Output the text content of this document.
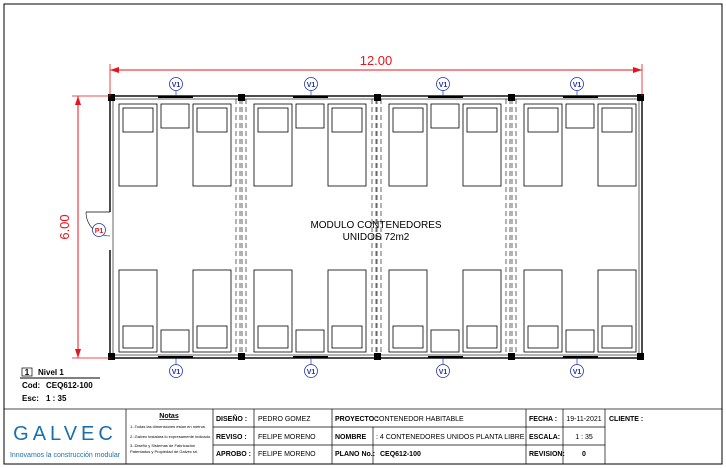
V1
V1
V1
V1
V1
V1
V1
V1
12.00
6.00	P1
MODULO CONTENEDORES
UNIDOS 72m2
1 Nivel 1
Cod: CEQ612-100
Esc: 1 : 35
GALVEC
Innovamos la construcción modular
Notas
1.-Todas las dimensiones estan en metros.
2.-Galvec instalara lo expresamente indicado.
3.-Diseño y Sistemas de Fabricación
Patentados y Propiedad de Galvec srl.
DISEÑO : PEDRO GOMEZ
REVISO : FELIPE MORENO
APROBO : FELIPE MORENO
PROYECTO :
CONTENEDOR HABITABLE
NOMBRE : 4 CONTENEDORES UNIDOS PLANTA LIBRE
PLANO No.: CEQ612-100
FECHA : 19-11-2021
ESCALA: 1 : 35
REVISION: 0
CLIENTE :
